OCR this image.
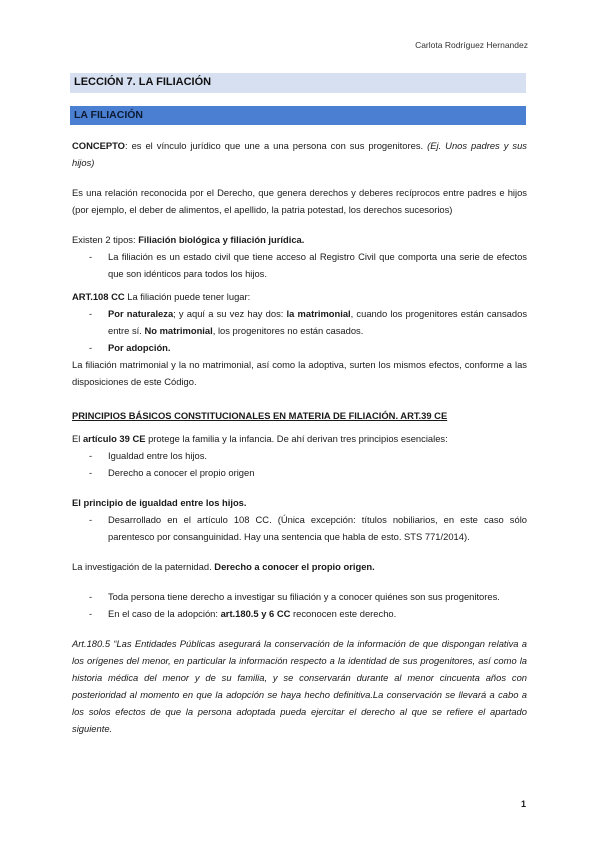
Carlota Rodríguez Hernandez
LECCIÓN 7. LA FILIACIÓN
LA FILIACIÓN

CONCEPTO: es el vínculo jurídico que une a una persona con sus progenitores. (Ej. Unos padres y sus hijos)

Es una relación reconocida por el Derecho, que genera derechos y deberes recíprocos entre padres e hijos (por ejemplo, el deber de alimentos, el apellido, la patria potestad, los derechos sucesorios)

Existen 2 tipos: Filiación biológica y filiación jurídica.

- La filiación es un estado civil que tiene acceso al Registro Civil que comporta una serie de efectos que son idénticos para todos los hijos.

ART.108 CC La filiación puede tener lugar:

- Por naturaleza; y aquí a su vez hay dos: la matrimonial, cuando los progenitores están cansados entre sí. No matrimonial, los progenitores no están casados.
- Por adopción.

La filiación matrimonial y la no matrimonial, así como la adoptiva, surten los mismos efectos, conforme a las disposiciones de este Código.

PRINCIPIOS BÁSICOS CONSTITUCIONALES EN MATERIA DE FILIACIÓN. ART.39 CE

El artículo 39 CE protege la familia y la infancia. De ahí derivan tres principios esenciales:

- Igualdad entre los hijos.
- Derecho a conocer el propio origen

El principio de igualdad entre los hijos.

- Desarrollado en el artículo 108 CC. (Única excepción: títulos nobiliarios, en este caso sólo parentesco por consanguinidad. Hay una sentencia que habla de esto. STS 771/2014).

La investigación de la paternidad. Derecho a conocer el propio origen.

- Toda persona tiene derecho a investigar su filiación y a conocer quiénes son sus progenitores.
- En el caso de la adopción: art.180.5 y 6 CC reconocen este derecho.

Art.180.5 “Las Entidades Públicas asegurará la conservación de la información de que dispongan relativa a los orígenes del menor, en particular la información respecto a la identidad de sus progenitores, así como la historia médica del menor y de su familia, y se conservarán durante al menor cincuenta años con posterioridad al momento en que la adopción se haya hecho definitiva.La conservación se llevará a cabo a los solos efectos de que la persona adoptada pueda ejercitar el derecho al que se refiere el apartado siguiente.

1
